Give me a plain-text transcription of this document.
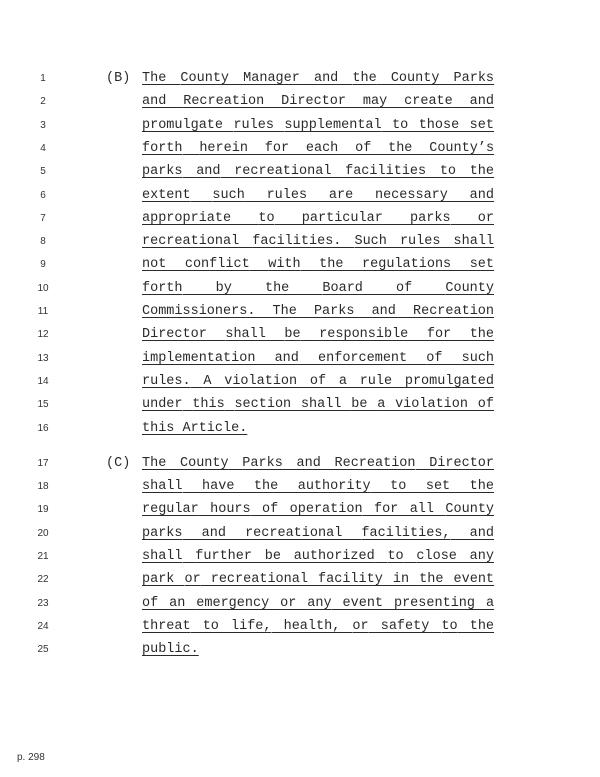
1
2
3
4
5
6
7
8
9
10
11
12
13
14
15
16
17
18
19
20
21
22
23
24
25
(B) The County Manager and the County Parks
and Recreation Director may create and
promulgate rules supplemental to those set
forth herein for each of the County’s
parks and recreational facilities to the
extent such rules are necessary and
appropriate to particular parks or
recreational facilities. Such rules shall
not conflict with the regulations set
forth by the Board of County
Commissioners. The Parks and Recreation
Director shall be responsible for the
implementation and enforcement of such
rules. A violation of a rule promulgated
under this section shall be a violation of
this Article.
(C) The County Parks and Recreation Director
shall have the authority to set the
regular hours of operation for all County
parks and recreational facilities, and
shall further be authorized to close any
park or recreational facility in the event
of an emergency or any event presenting a
threat to life, health, or safety to the
public.
p. 298
